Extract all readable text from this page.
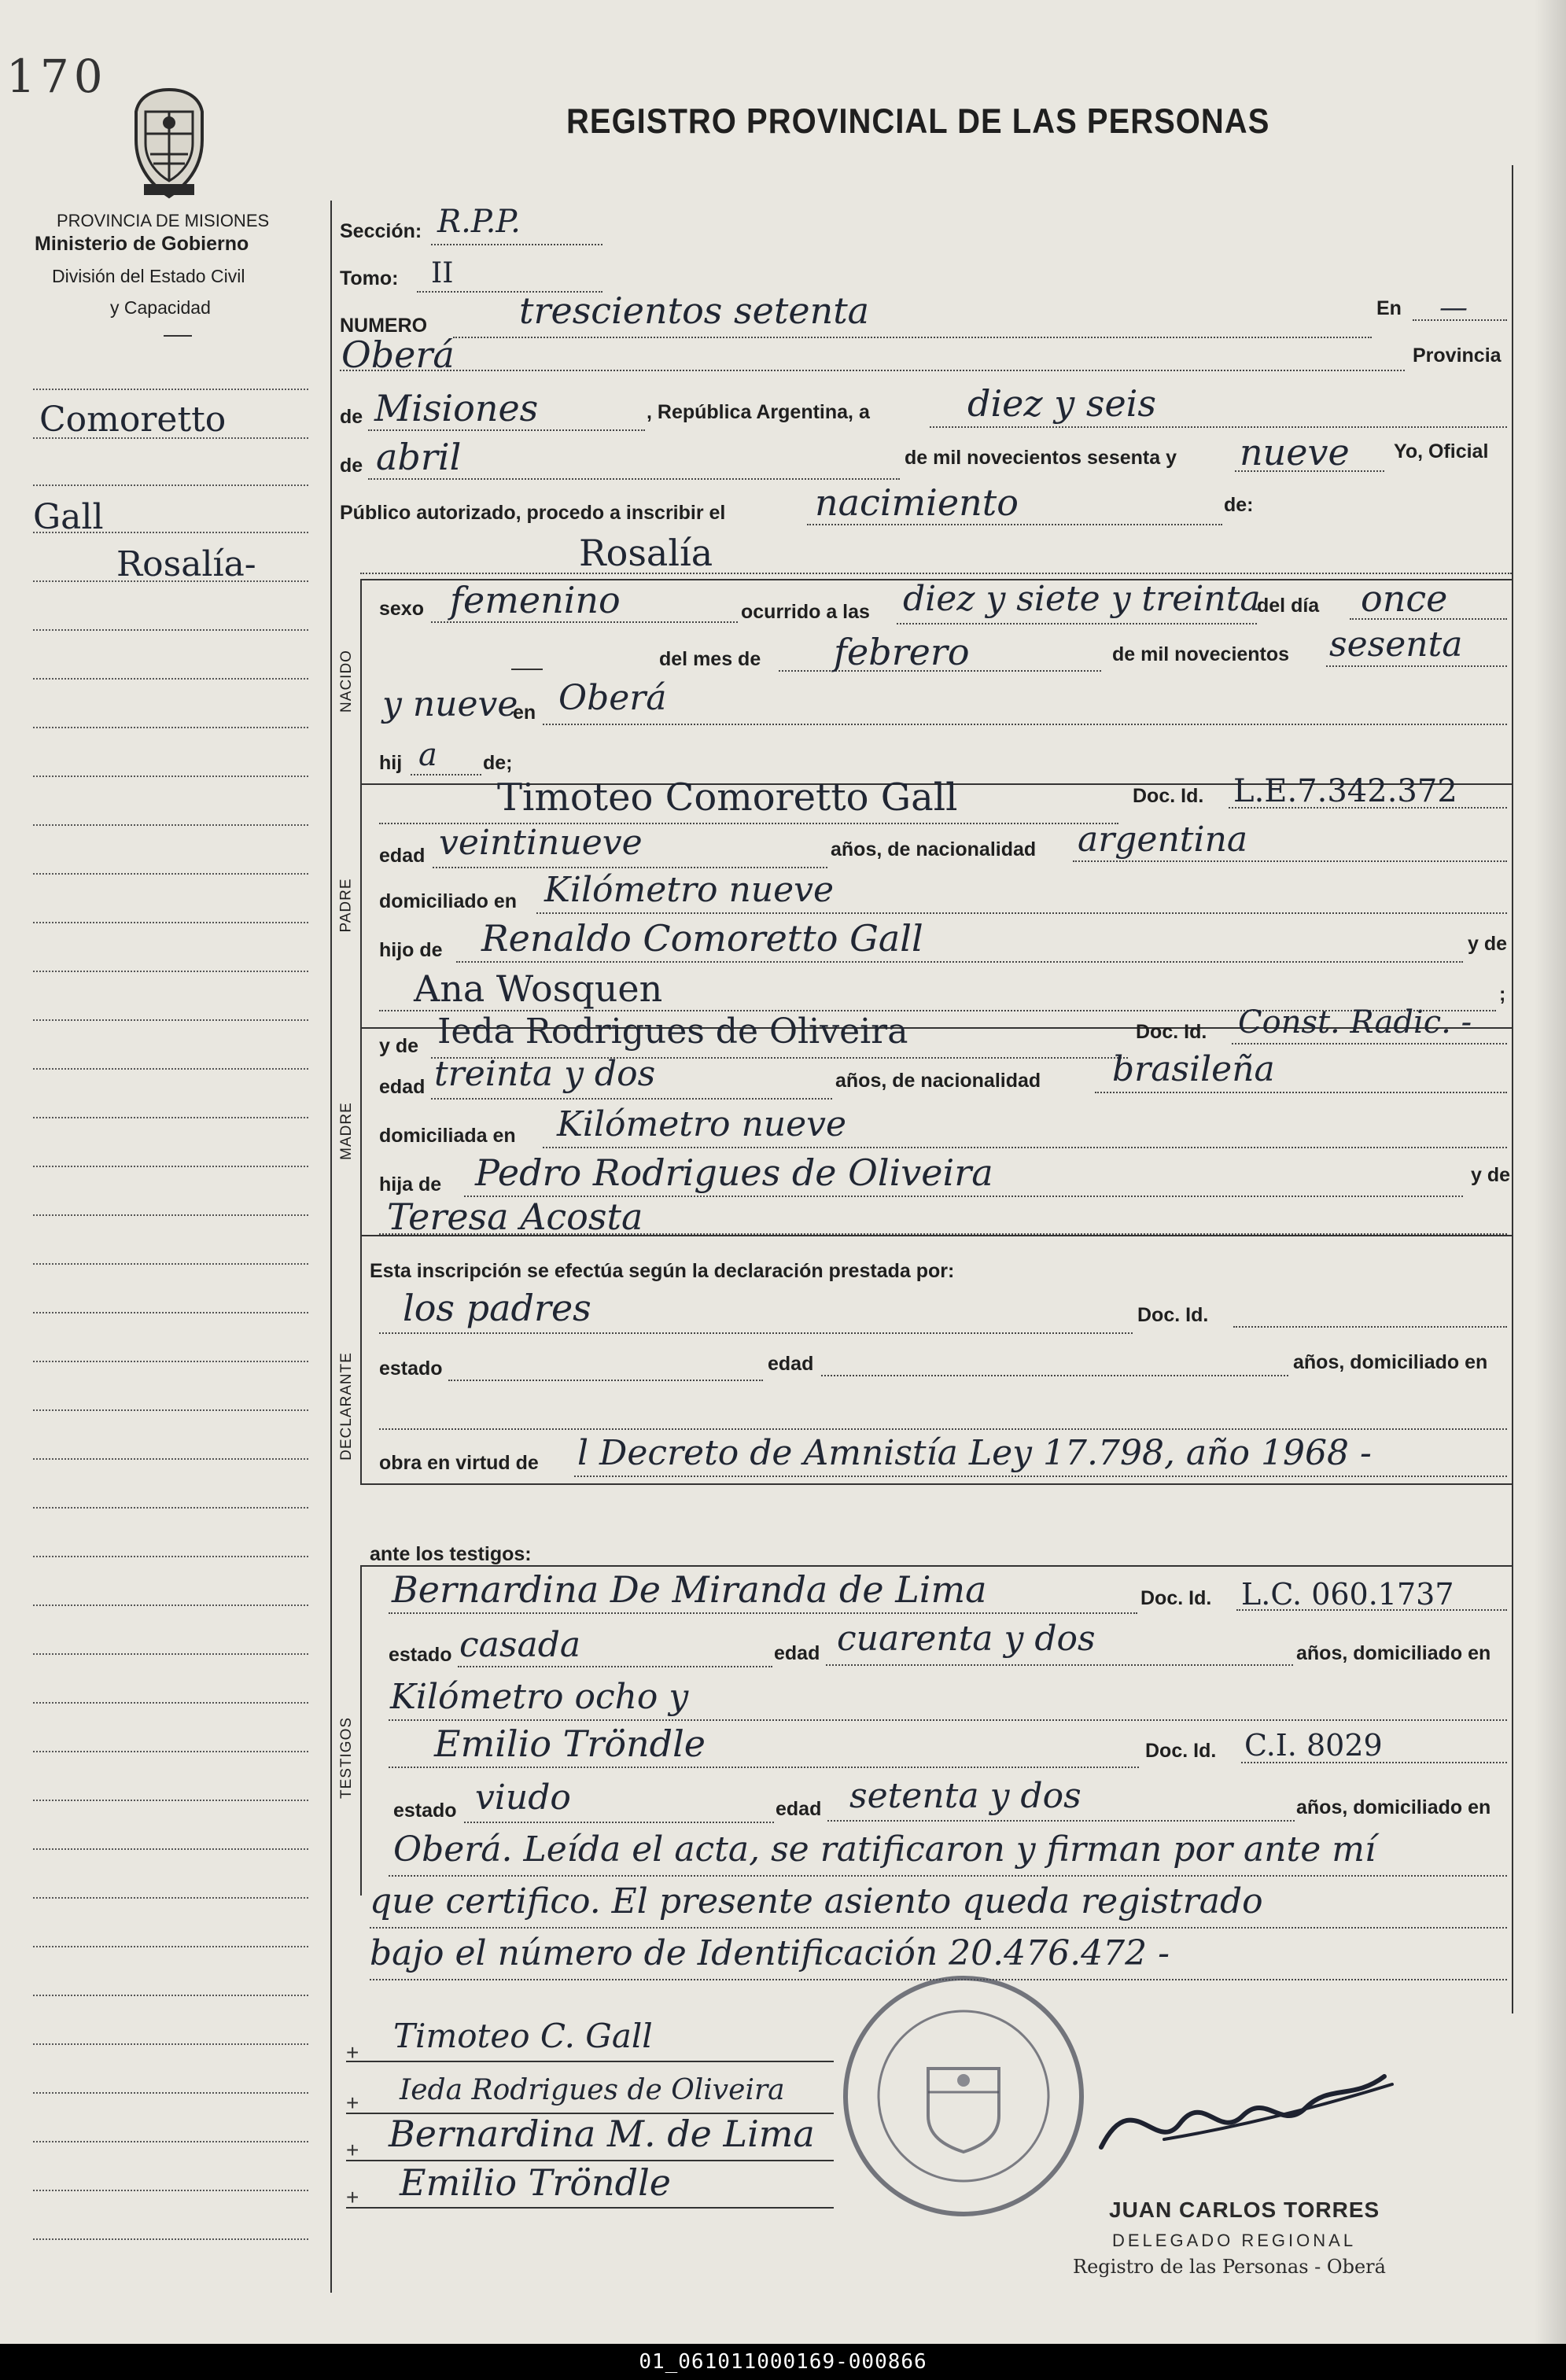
170
PROVINCIA DE MISIONES
Ministerio de Gobierno
División del Estado Civil
y Capacidad
REGISTRO PROVINCIAL DE LAS PERSONAS
Comoretto
Gall
Rosalía-
Sección: R.P.P.
Tomo: II
NUMERO	trescientos setenta	En —
Oberá	Provincia
de Misiones	, República Argentina, a	diez y seis
de abril	de mil novecientos sesenta y nueve Yo, Oficial
Público autorizado, procedo a inscribir el nacimiento	de:
Rosalía
NACIDO
sexo femenino	ocurrido a las diez y siete y treinta
del día once
del mes de febrero	de mil novecientos sesenta
y nueve
en Oberá
hij a de;
PADRE
Timoteo Comoretto Gall	Doc. Id. L.E.7.342.372
edad veintinueve	años, de nacionalidad argentina
domiciliado en Kilómetro nueve
hijo de Renaldo Comoretto Gall	y de
Ana Wosquen	;
MADRE
y de Ieda Rodrigues de Oliveira	Doc. Id. Const. Radic. -
edad treinta y dos	años, de nacionalidad brasileña
domiciliada en Kilómetro nueve
hija de Pedro Rodrigues de Oliveira	y de
Teresa Acosta
DECLARANTE
Esta inscripción se efectúa según la declaración prestada por:
los padres	Doc. Id.
estado	edad	años, domiciliado en
obra en virtud de l Decreto de Amnistía Ley 17.798, año 1968 -
ante los testigos:
TESTIGOS
Bernardina De Miranda de Lima	Doc. Id. L.C. 060.1737
estado casada	edad cuarenta y dos	años, domiciliado en
Kilómetro ocho y
Emilio Tröndle	Doc. Id. C.I. 8029
estado viudo	edad setenta y dos	años, domiciliado en
Oberá. Leída el acta, se ratificaron y firman por ante mí
que certifico. El presente asiento queda registrado
bajo el número de Identificación 20.476.472 -
+
+
+
+
Timoteo C. Gall
Ieda Rodrigues de Oliveira
Bernardina M. de Lima
Emilio Tröndle
JUAN CARLOS TORRES
DELEGADO REGIONAL
Registro de las Personas - Oberá
01_061011000169-000866
